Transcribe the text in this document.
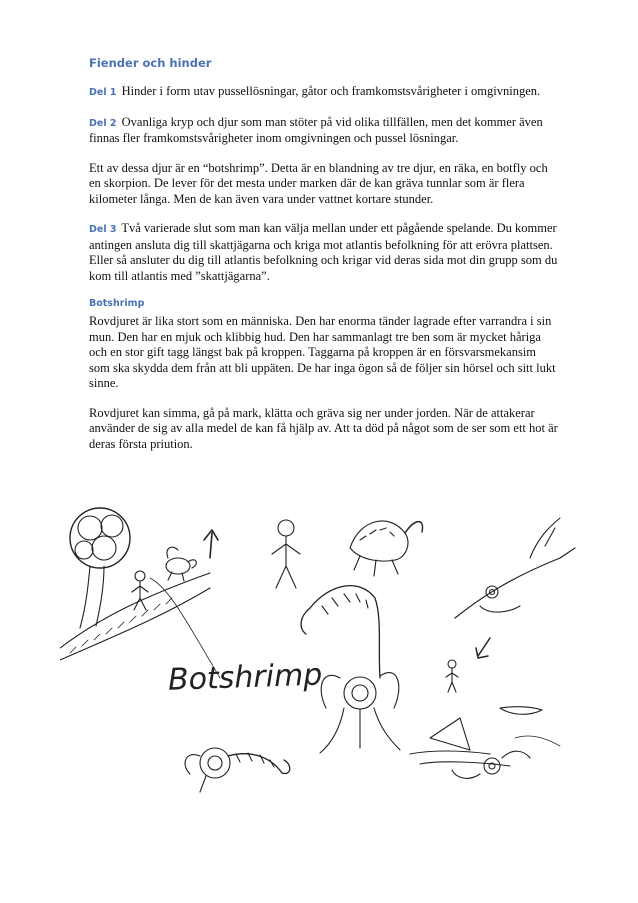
Fiender och hinder

Del 1 Hinder i form utav pussellösningar, gåtor och framkomstsvårigheter i omgivningen.

Del 2 Ovanliga kryp och djur som man stöter på vid olika tillfällen, men det kommer även finnas fler framkomstsvårigheter inom omgivningen och pussel lösningar.

Ett av dessa djur är en “botshrimp”. Detta är en blandning av tre djur, en räka, en botfly och en skorpion. De lever för det mesta under marken där de kan gräva tunnlar som är flera kilometer långa. Men de kan även vara under vattnet kortare stunder.

Del 3 Två varierade slut som man kan välja mellan under ett pågående spelande. Du kommer antingen ansluta dig till skattjägarna och kriga mot atlantis befolkning för att erövra plattsen. Eller så ansluter du dig till atlantis befolkning och krigar vid deras sida mot din grupp som du kom till atlantis med ”skattjägarna”.

Botshrimp

Rovdjuret är lika stort som en människa. Den har enorma tänder lagrade efter varrandra i sin mun. Den har en mjuk och klibbig hud. Den har sammanlagt tre ben som är mycket håriga och en stor gift tagg längst bak på kroppen. Taggarna på kroppen är en försvarsmekansim som ska skydda dem från att bli uppäten. De har inga ögon så de följer sin hörsel och sitt lukt sinne.

Rovdjuret kan simma, gå på mark, klätta och gräva sig ner under jorden. När de attakerar använder de sig av alla medel de kan få hjälp av. Att ta död på något som de ser som ett hot är deras första priution.

Botshrimp
